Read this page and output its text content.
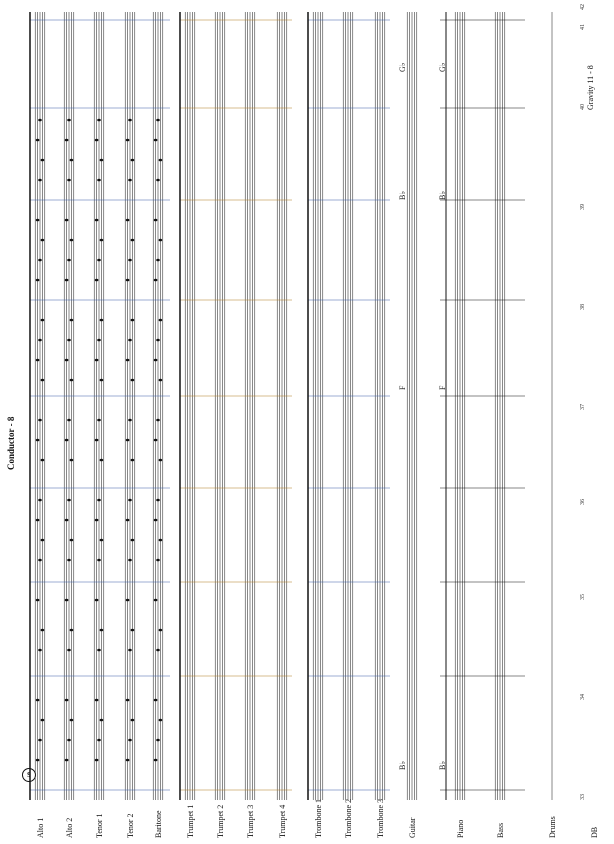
Conductor - 8
DB
Gravity 11 - 8
9
Alto 1	Alto 2	Tenor 1	Tenor 2 Baritone	Trumpet 1	Trumpet 2	Trumpet 3	Trumpet 4	Trombone 1	Trombone 2	Trombone 3	Guitar	Piano	Bass	Drums
B♭
F
B♭
G♭
B♭
F
B♭
G♭
33
34
35
36
37
38
39
40
41
42
